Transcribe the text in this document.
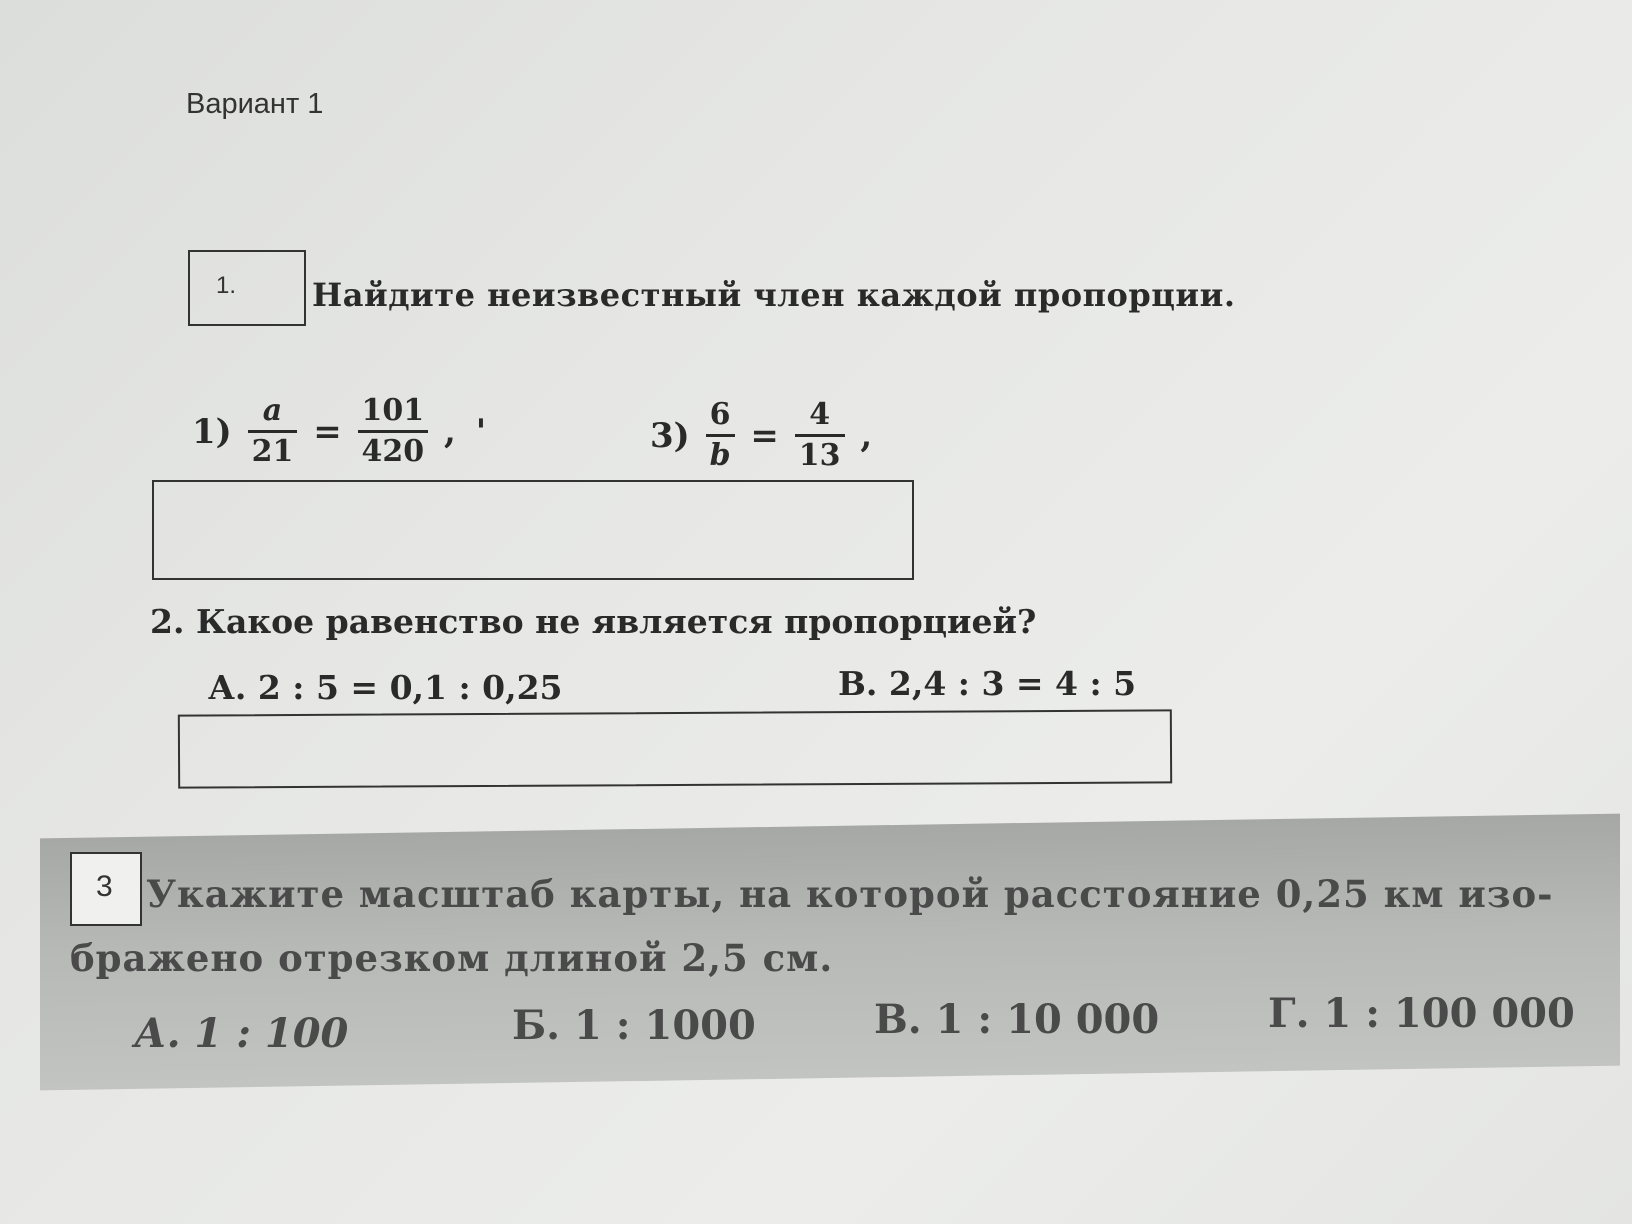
Вариант 1
1. Найдите неизвестный член каждой пропорции.
$1) \frac{a}{21} = \frac{101}{420}$ , '	$3) \frac{6}{b} = \frac{4}{13}$ ,
2. Какое равенство не является пропорцией?
А. 2 : 5 = 0,1 : 0,25	В. 2,4 : 3 = 4 : 5
3 Укажите масштаб карты, на которой расстояние 0,25 км изо-
бражено отрезком длиной 2,5 см.
А. 1 : 100	Б. 1 : 1000	В. 1 : 10 000	Г. 1 : 100 000
